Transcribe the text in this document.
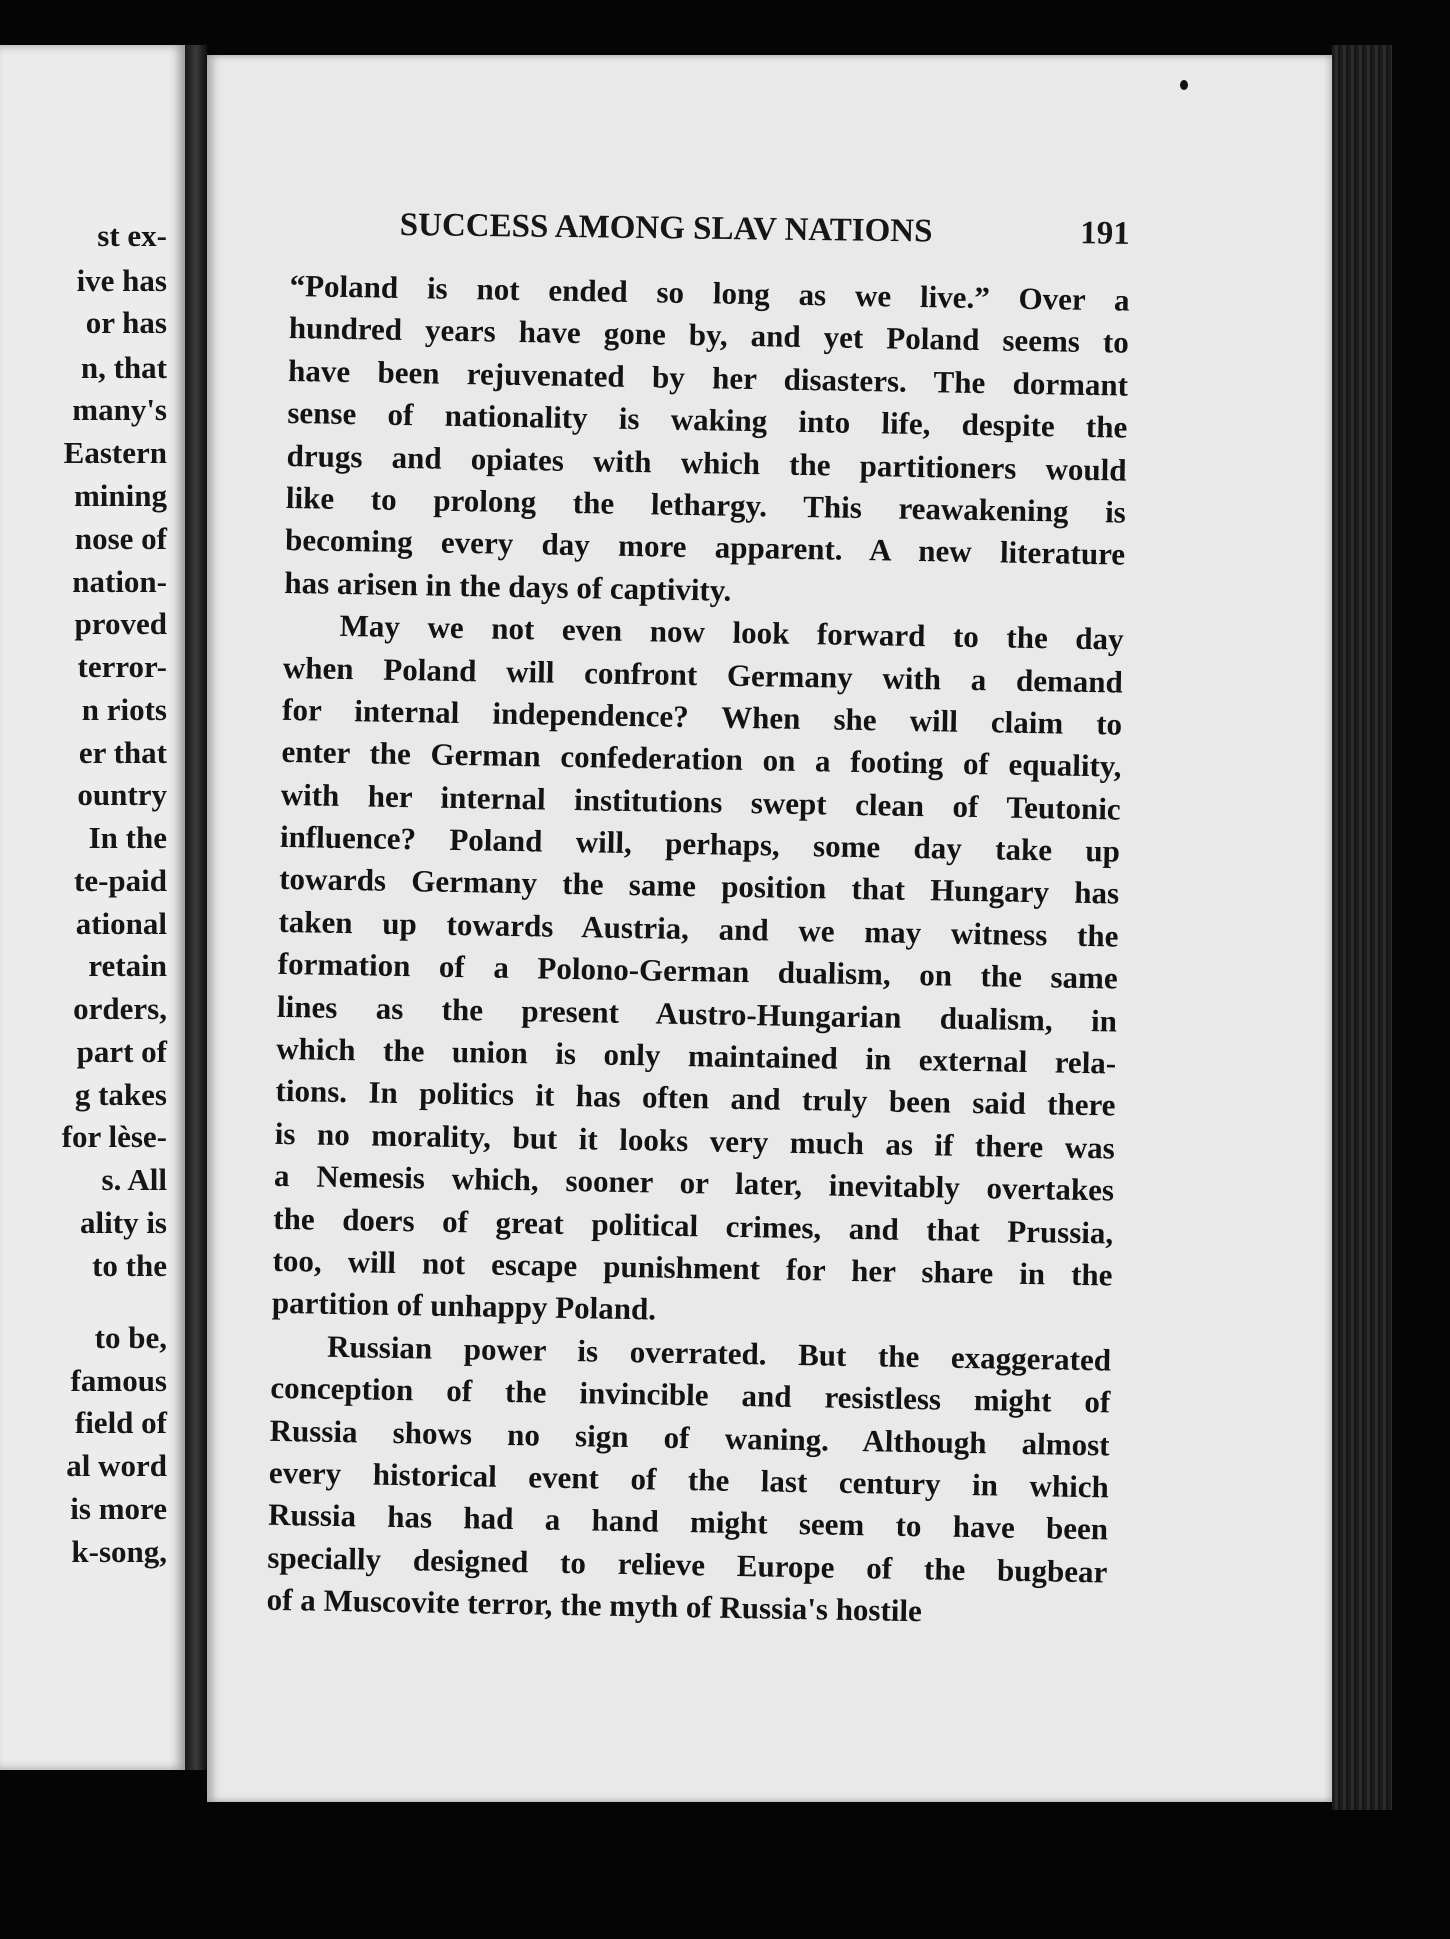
st ex-
ive has
or has
n, that
many's
Eastern
mining
nose of
nation-
proved
terror-
n riots
er that
ountry
In the
te-paid
ational
retain
orders,
part of
g takes
for lèse-
s. All
ality is
to the
to be,
famous
field of
al word
is more
k-song,
SUCCESS AMONG SLAV NATIONS	191
“Poland is not ended so long as we live.” Over a
hundred years have gone by, and yet Poland seems to
have been rejuvenated by her disasters. The dormant
sense of nationality is waking into life, despite the
drugs and opiates with which the partitioners would
like to prolong the lethargy. This reawakening is
becoming every day more apparent. A new literature
has arisen in the days of captivity.
May we not even now look forward to the day
when Poland will confront Germany with a demand
for internal independence? When she will claim to
enter the German confederation on a footing of equality,
with her internal institutions swept clean of Teutonic
influence? Poland will, perhaps, some day take up
towards Germany the same position that Hungary has
taken up towards Austria, and we may witness the
formation of a Polono-German dualism, on the same
lines as the present Austro-Hungarian dualism, in
which the union is only maintained in external rela-
tions. In politics it has often and truly been said there
is no morality, but it looks very much as if there was
a Nemesis which, sooner or later, inevitably overtakes
the doers of great political crimes, and that Prussia,
too, will not escape punishment for her share in the
partition of unhappy Poland.
Russian power is overrated. But the exaggerated
conception of the invincible and resistless might of
Russia shows no sign of waning. Although almost
every historical event of the last century in which
Russia has had a hand might seem to have been
specially designed to relieve Europe of the bugbear
of a Muscovite terror, the myth of Russia's hostile
